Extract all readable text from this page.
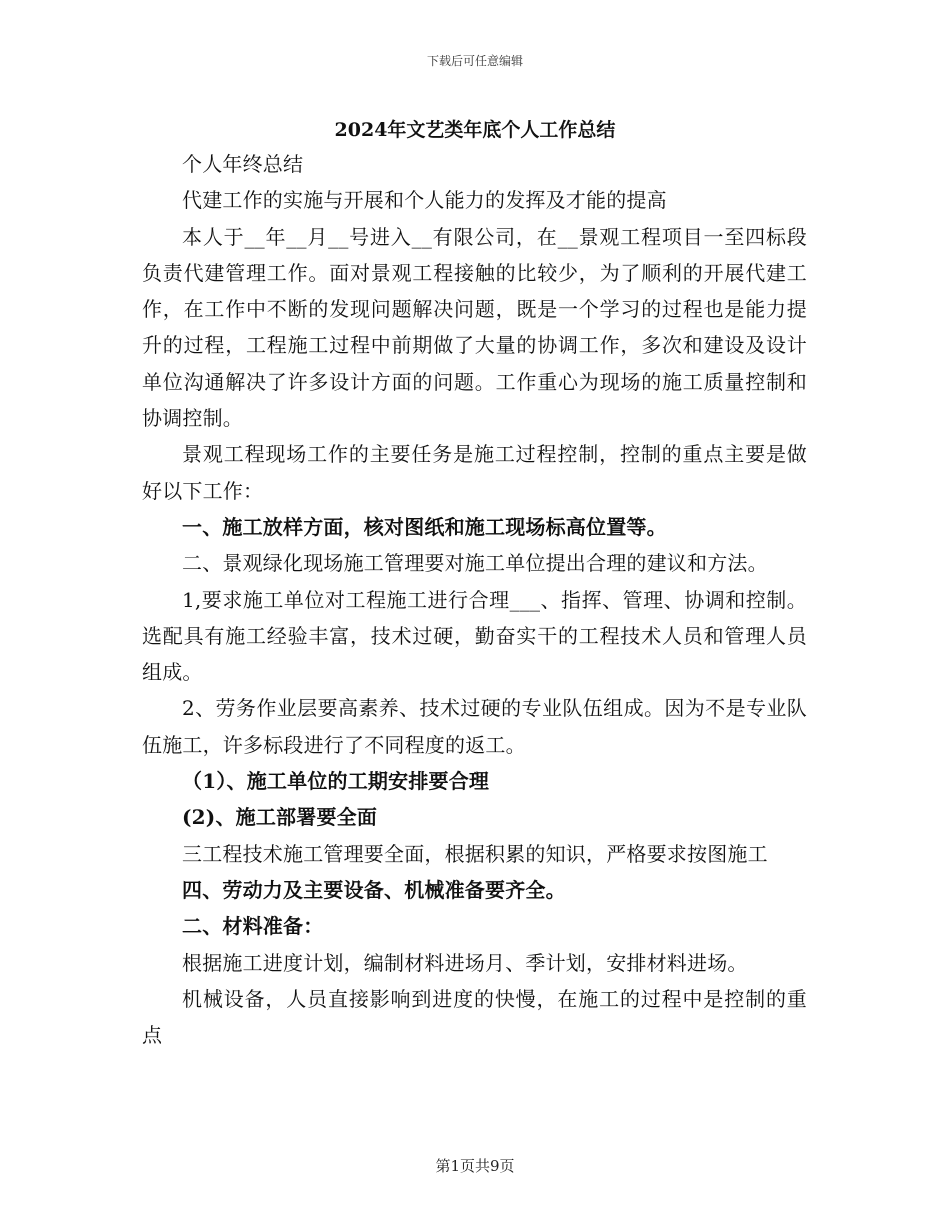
下载后可任意编辑
2024年文艺类年底个人工作总结

个人年终总结

代建工作的实施与开展和个人能力的发挥及才能的提高

本人于__年__月__号进入__有限公司，在__景观工程项目一至四标段负责代建管理工作。面对景观工程接触的比较少，为了顺利的开展代建工作，在工作中不断的发现问题解决问题，既是一个学习的过程也是能力提升的过程，工程施工过程中前期做了大量的协调工作，多次和建设及设计单位沟通解决了许多设计方面的问题。工作重心为现场的施工质量控制和协调控制。

景观工程现场工作的主要任务是施工过程控制，控制的重点主要是做好以下工作：

一、施工放样方面，核对图纸和施工现场标高位置等。

二、景观绿化现场施工管理要对施工单位提出合理的建议和方法。

1,要求施工单位对工程施工进行合理___、指挥、管理、协调和控制。选配具有施工经验丰富，技术过硬，勤奋实干的工程技术人员和管理人员组成。

2、劳务作业层要高素养、技术过硬的专业队伍组成。因为不是专业队伍施工，许多标段进行了不同程度的返工。

（1）、施工单位的工期安排要合理

(2)、施工部署要全面

三工程技术施工管理要全面，根据积累的知识，严格要求按图施工

四、劳动力及主要设备、机械准备要齐全。

二、材料准备：

根据施工进度计划，编制材料进场月、季计划，安排材料进场。

机械设备，人员直接影响到进度的快慢，在施工的过程中是控制的重点

第1页共9页
